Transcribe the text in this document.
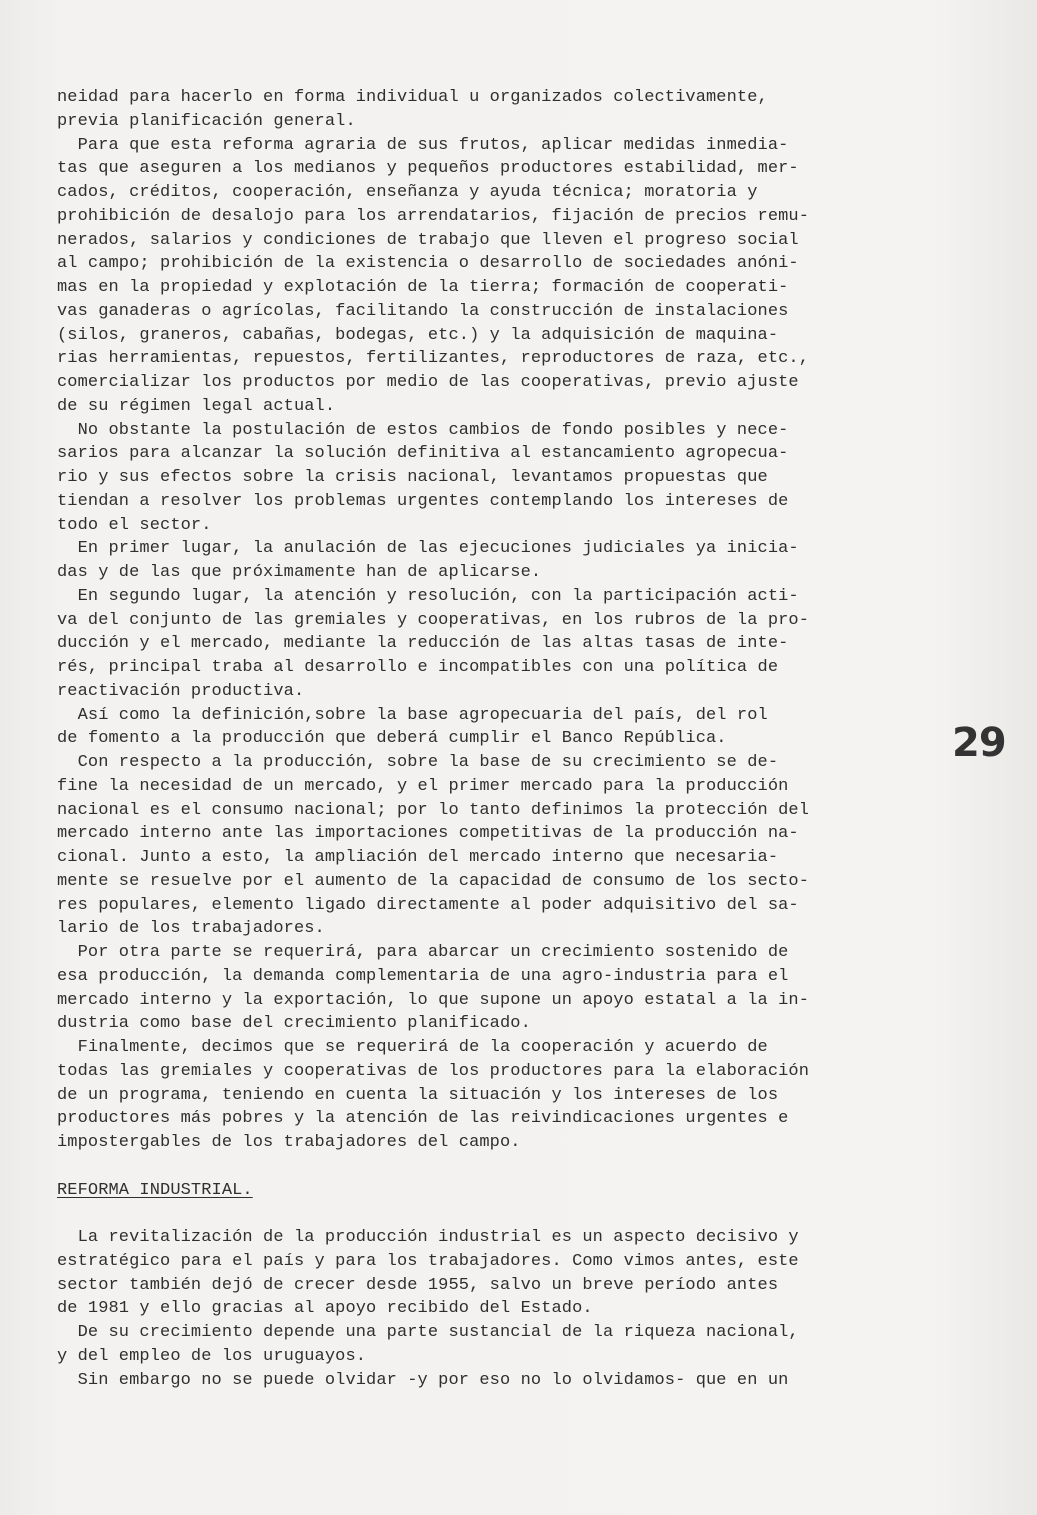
neidad para hacerlo en forma individual u organizados colectivamente,
previa planificación general.
Para que esta reforma agraria de sus frutos, aplicar medidas inmedia-
tas que aseguren a los medianos y pequeños productores estabilidad, mer-
cados, créditos, cooperación, enseñanza y ayuda técnica; moratoria y
prohibición de desalojo para los arrendatarios, fijación de precios remu-
nerados, salarios y condiciones de trabajo que lleven el progreso social
al campo; prohibición de la existencia o desarrollo de sociedades anóni-
mas en la propiedad y explotación de la tierra; formación de cooperati-
vas ganaderas o agrícolas, facilitando la construcción de instalaciones
(silos, graneros, cabañas, bodegas, etc.) y la adquisición de maquina-
rias herramientas, repuestos, fertilizantes, reproductores de raza, etc.,
comercializar los productos por medio de las cooperativas, previo ajuste
de su régimen legal actual.
No obstante la postulación de estos cambios de fondo posibles y nece-
sarios para alcanzar la solución definitiva al estancamiento agropecua-
rio y sus efectos sobre la crisis nacional, levantamos propuestas que
tiendan a resolver los problemas urgentes contemplando los intereses de
todo el sector.
En primer lugar, la anulación de las ejecuciones judiciales ya inicia-
das y de las que próximamente han de aplicarse.
En segundo lugar, la atención y resolución, con la participación acti-
va del conjunto de las gremiales y cooperativas, en los rubros de la pro-
ducción y el mercado, mediante la reducción de las altas tasas de inte-
rés, principal traba al desarrollo e incompatibles con una política de
reactivación productiva.
Así como la definición,sobre la base agropecuaria del país, del rol
de fomento a la producción que deberá cumplir el Banco República.
Con respecto a la producción, sobre la base de su crecimiento se de-
fine la necesidad de un mercado, y el primer mercado para la producción
nacional es el consumo nacional; por lo tanto definimos la protección del
mercado interno ante las importaciones competitivas de la producción na-
cional. Junto a esto, la ampliación del mercado interno que necesaria-
mente se resuelve por el aumento de la capacidad de consumo de los secto-
res populares, elemento ligado directamente al poder adquisitivo del sa-
lario de los trabajadores.
Por otra parte se requerirá, para abarcar un crecimiento sostenido de
esa producción, la demanda complementaria de una agro-industria para el
mercado interno y la exportación, lo que supone un apoyo estatal a la in-
dustria como base del crecimiento planificado.
Finalmente, decimos que se requerirá de la cooperación y acuerdo de
todas las gremiales y cooperativas de los productores para la elaboración
de un programa, teniendo en cuenta la situación y los intereses de los
productores más pobres y la atención de las reivindicaciones urgentes e
impostergables de los trabajadores del campo.
REFORMA INDUSTRIAL.
La revitalización de la producción industrial es un aspecto decisivo y
estratégico para el país y para los trabajadores. Como vimos antes, este
sector también dejó de crecer desde 1955, salvo un breve período antes
de 1981 y ello gracias al apoyo recibido del Estado.
De su crecimiento depende una parte sustancial de la riqueza nacional,
y del empleo de los uruguayos.
Sin embargo no se puede olvidar -y por eso no lo olvidamos- que en un
29
